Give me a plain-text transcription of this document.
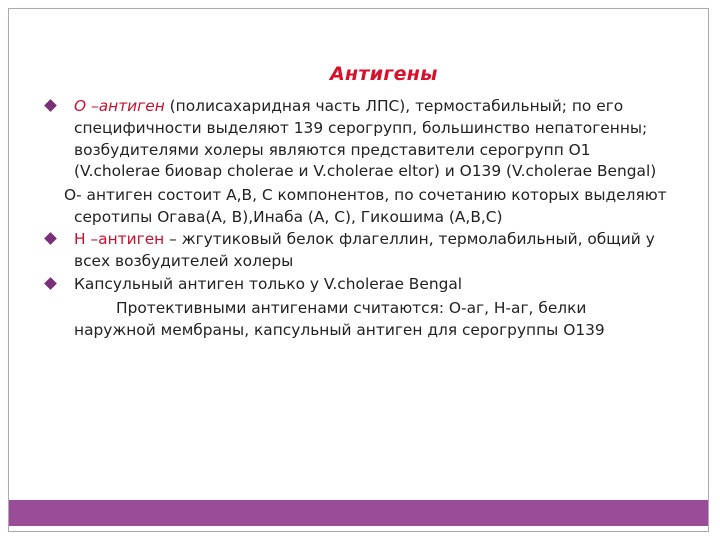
Антигены

О –антиген (полисахаридная часть ЛПС), термостабильный; по его специфичности выделяют 139 серогрупп, большинство непатогенны; возбудителями холеры являются представители серогрупп О1 (V.cholerae биовар cholerae и V.cholerae eltor) и О139 (V.cholerae Bengal)

О- антиген состоит А,В, С компонентов, по сочетанию которых выделяют серотипы Огава(А, В),Инаба (А, С), Гикошима (А,В,С)

Н –антиген – жгутиковый белок флагеллин, термолабильный, общий у всех возбудителей холеры

Капсульный антиген только у V.cholerae Bengal

Протективными антигенами считаются: О-аг, Н-аг, белки наружной мембраны, капсульный антиген для серогруппы О139
